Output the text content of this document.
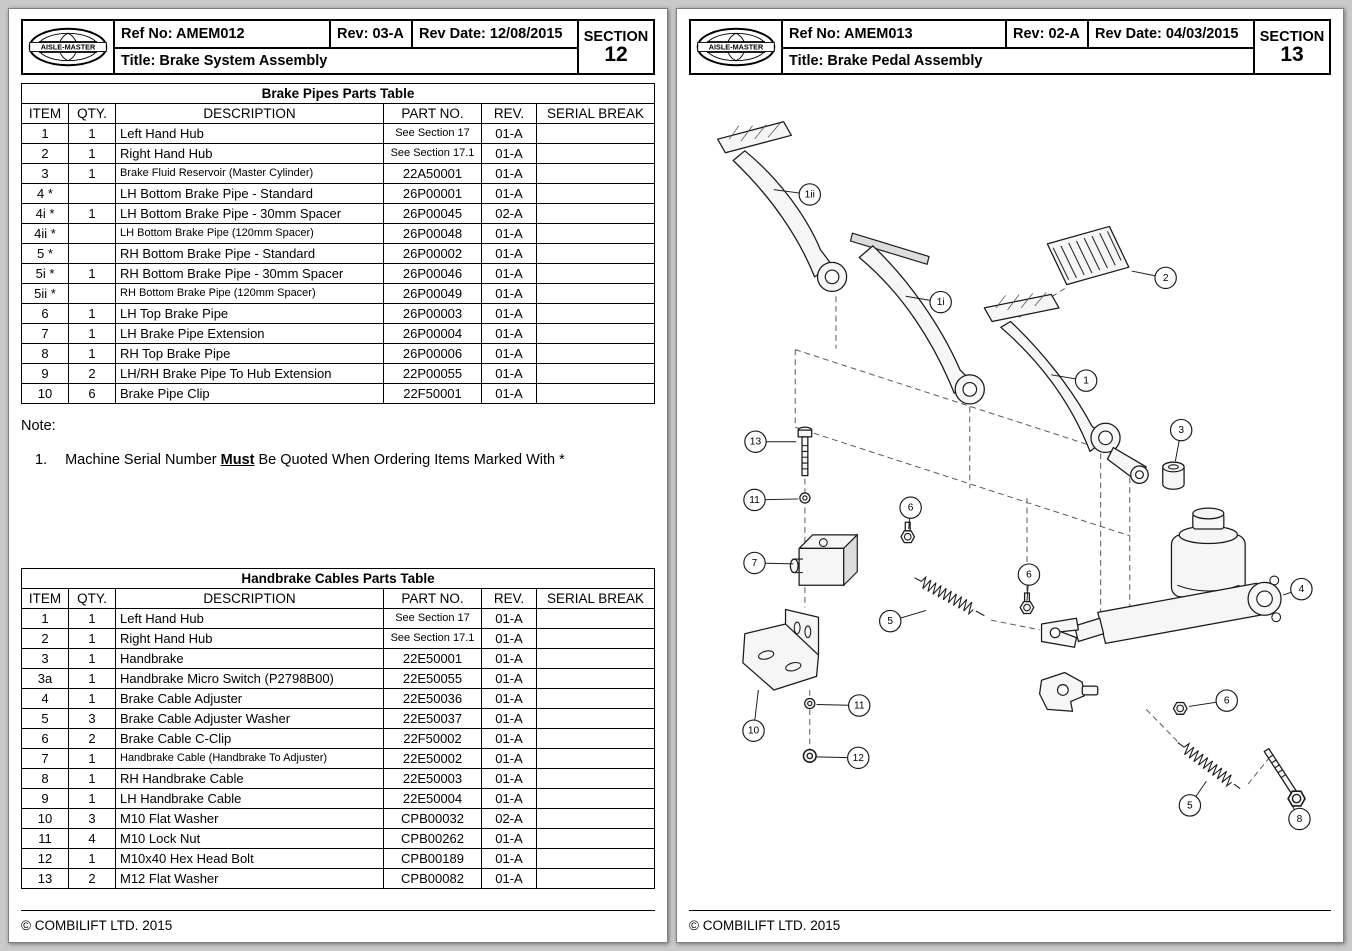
AISLE-MASTER
Ref No: AMEM012	Rev: 03-A	Rev Date: 12/08/2015	SECTION
12
Title: Brake System Assembly
Brake Pipes Parts Table					
ITEM	QTY.	DESCRIPTION	PART NO.	REV.	SERIAL BREAK
1	1	Left Hand Hub	See Section 17	01-A	
2	1	Right Hand Hub	See Section 17.1	01-A	
3	1	Brake Fluid Reservoir (Master Cylinder)	22A50001	01-A	
4 *		LH Bottom Brake Pipe - Standard	26P00001	01-A	
4i *	1	LH Bottom Brake Pipe - 30mm Spacer	26P00045	02-A	
4ii *		LH Bottom Brake Pipe (120mm Spacer)	26P00048	01-A	
5 *		RH Bottom Brake Pipe - Standard	26P00002	01-A	
5i *	1	RH Bottom Brake Pipe - 30mm Spacer	26P00046	01-A	
5ii *		RH Bottom Brake Pipe (120mm Spacer)	26P00049	01-A	
6	1	LH Top Brake Pipe	26P00003	01-A	
7	1	LH Brake Pipe Extension	26P00004	01-A	
8	1	RH Top Brake Pipe	26P00006	01-A	
9	2	LH/RH Brake Pipe To Hub Extension	22P00055	01-A	
10	6	Brake Pipe Clip	22F50001	01-A	
Note:
1. Machine Serial Number Must Be Quoted When Ordering Items Marked With *
Handbrake Cables Parts Table					
ITEM	QTY.	DESCRIPTION	PART NO.	REV.	SERIAL BREAK
1	1	Left Hand Hub	See Section 17	01-A	
2	1	Right Hand Hub	See Section 17.1	01-A	
3	1	Handbrake	22E50001	01-A	
3a	1	Handbrake Micro Switch (P2798B00)	22E50055	01-A	
4	1	Brake Cable Adjuster	22E50036	01-A	
5	3	Brake Cable Adjuster Washer	22E50037	01-A	
6	2	Brake Cable C-Clip	22F50002	01-A	
7	1	Handbrake Cable (Handbrake To Adjuster)	22E50002	01-A	
8	1	RH Handbrake Cable	22E50003	01-A	
9	1	LH Handbrake Cable	22E50004	01-A	
10	3	M10 Flat Washer	CPB00032	02-A	
11	4	M10 Lock Nut	CPB00262	01-A	
12	1	M10x40 Hex Head Bolt	CPB00189	01-A	
13	2	M12 Flat Washer	CPB00082	01-A	
© COMBILIFT LTD. 2015
AISLE-MASTER
Ref No: AMEM013	Rev: 02-A	Rev Date: 04/03/2015	SECTION
13
Title: Brake Pedal Assembly
1ii
1i
2
1
3
13
11
6
7
6
4
5
6
11
10
12
5
8
© COMBILIFT LTD. 2015
